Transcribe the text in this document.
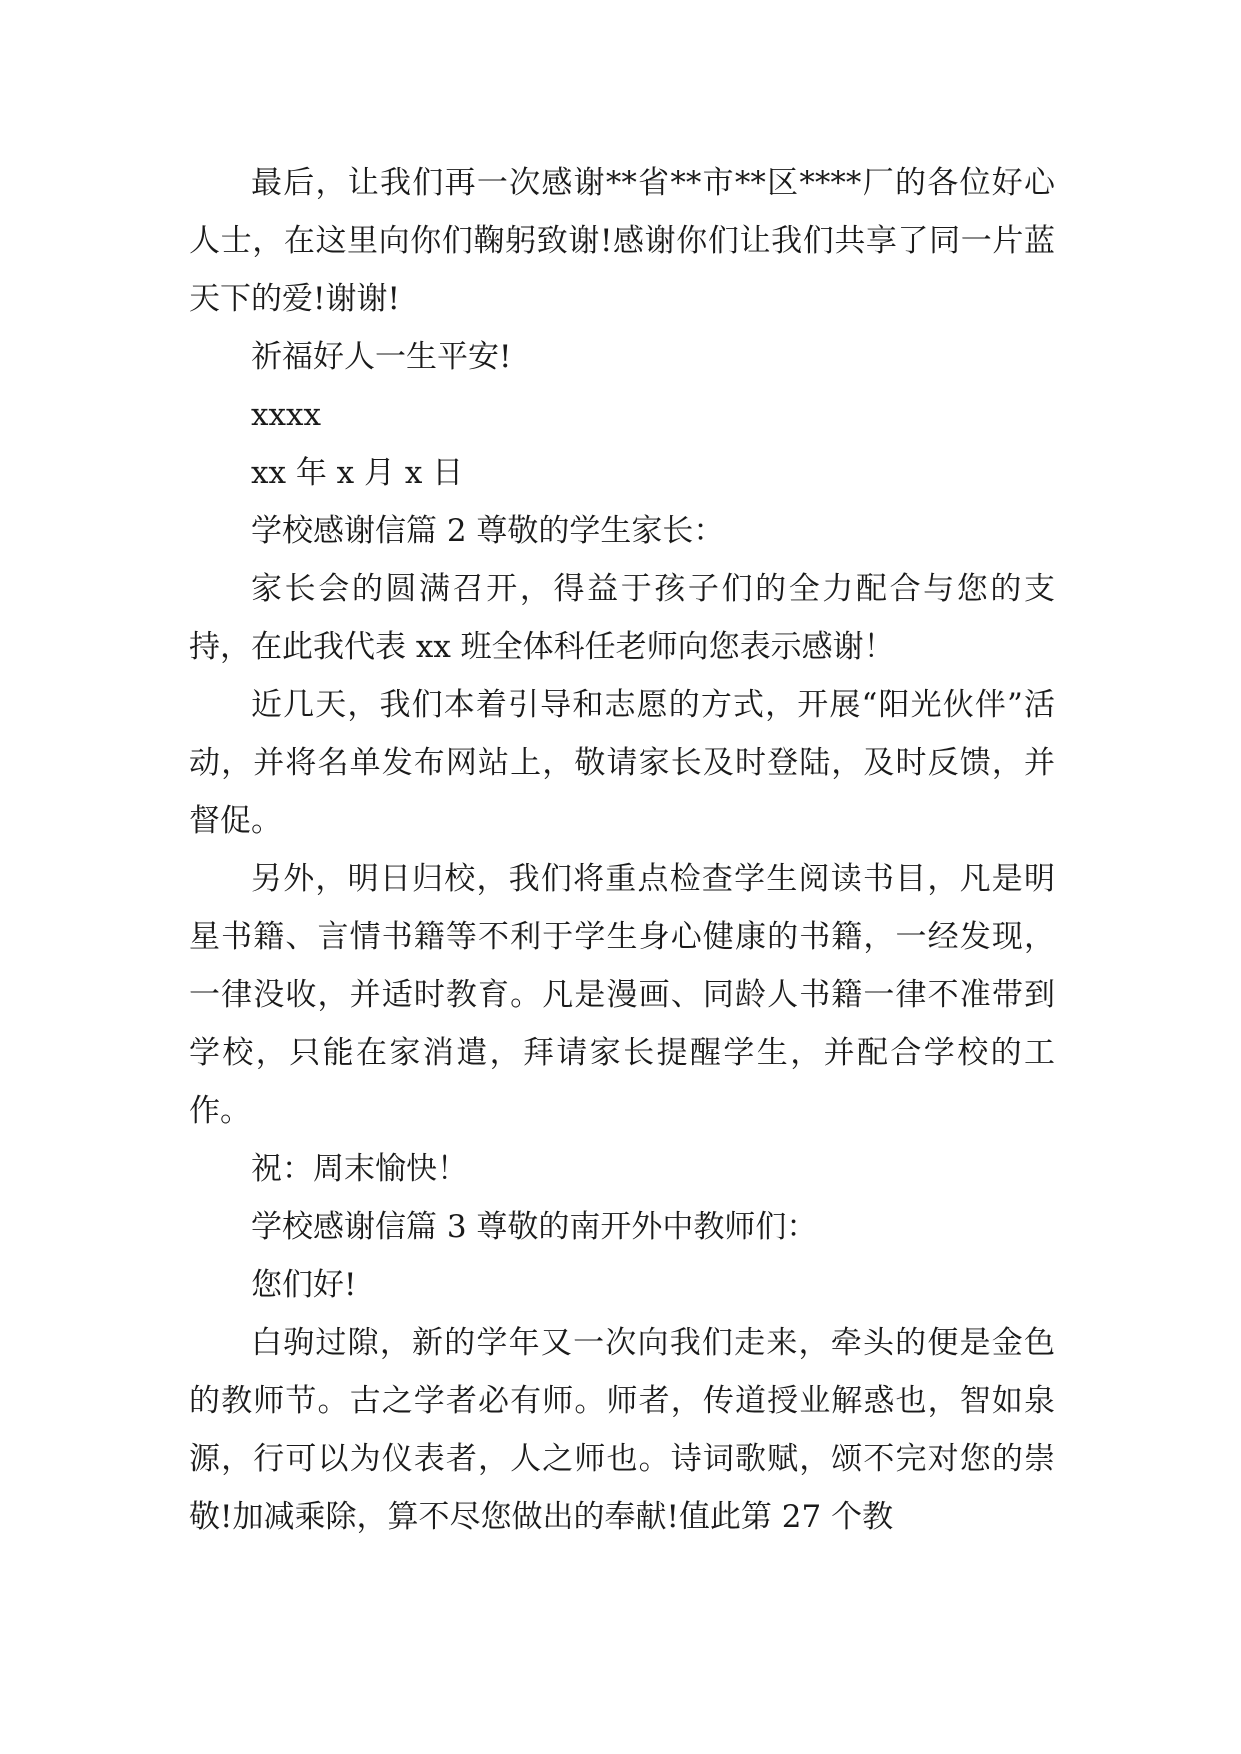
最后，让我们再一次感谢**省**市**区****厂的各位好心人士，在这里向你们鞠躬致谢!感谢你们让我们共享了同一片蓝天下的爱!谢谢!

祈福好人一生平安!

xxxx

xx 年 x 月 x 日

学校感谢信篇 2 尊敬的学生家长：

家长会的圆满召开，得益于孩子们的全力配合与您的支持，在此我代表 xx 班全体科任老师向您表示感谢！

近几天，我们本着引导和志愿的方式，开展“阳光伙伴”活动，并将名单发布网站上，敬请家长及时登陆，及时反馈，并督促。

另外，明日归校，我们将重点检查学生阅读书目，凡是明星书籍、言情书籍等不利于学生身心健康的书籍，一经发现，一律没收，并适时教育。凡是漫画、同龄人书籍一律不准带到学校，只能在家消遣，拜请家长提醒学生，并配合学校的工作。

祝：周末愉快！

学校感谢信篇 3 尊敬的南开外中教师们：

您们好!

白驹过隙，新的学年又一次向我们走来，牵头的便是金色的教师节。古之学者必有师。师者，传道授业解惑也，智如泉源，行可以为仪表者，人之师也。诗词歌赋，颂不完对您的崇敬!加减乘除，算不尽您做出的奉献!值此第 27 个教
